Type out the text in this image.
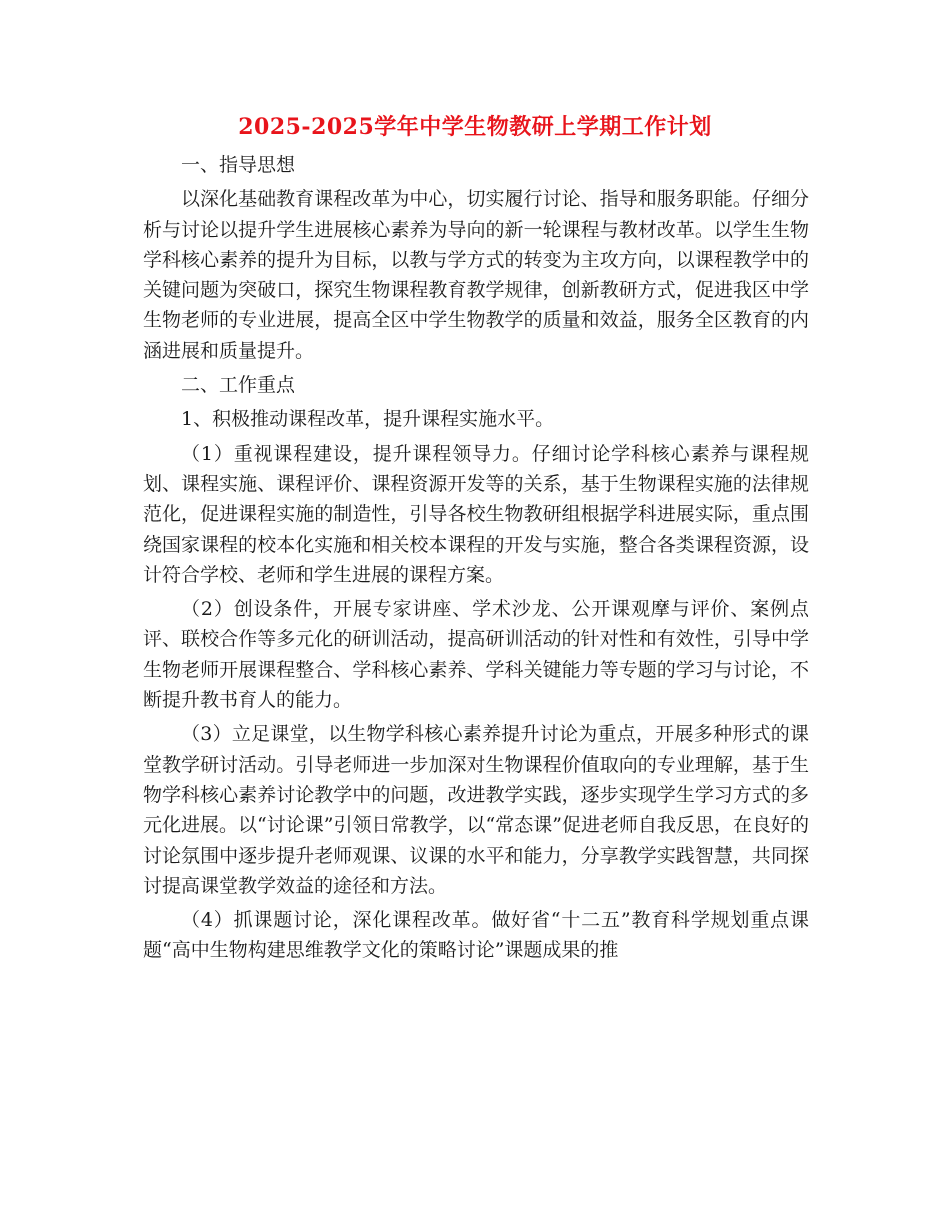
2025-2025学年中学生物教研上学期工作计划

一、指导思想

以深化基础教育课程改革为中心，切实履行讨论、指导和服务职能。仔细分析与讨论以提升学生进展核心素养为导向的新一轮课程与教材改革。以学生生物学科核心素养的提升为目标，以教与学方式的转变为主攻方向，以课程教学中的关键问题为突破口，探究生物课程教育教学规律，创新教研方式，促进我区中学生物老师的专业进展，提高全区中学生物教学的质量和效益，服务全区教育的内涵进展和质量提升。

二、工作重点

1、积极推动课程改革，提升课程实施水平。

（1）重视课程建设，提升课程领导力。仔细讨论学科核心素养与课程规划、课程实施、课程评价、课程资源开发等的关系，基于生物课程实施的法律规范化，促进课程实施的制造性，引导各校生物教研组根据学科进展实际，重点围绕国家课程的校本化实施和相关校本课程的开发与实施，整合各类课程资源，设计符合学校、老师和学生进展的课程方案。

（2）创设条件，开展专家讲座、学术沙龙、公开课观摩与评价、案例点评、联校合作等多元化的研训活动，提高研训活动的针对性和有效性，引导中学生物老师开展课程整合、学科核心素养、学科关键能力等专题的学习与讨论，不断提升教书育人的能力。

（3）立足课堂，以生物学科核心素养提升讨论为重点，开展多种形式的课堂教学研讨活动。引导老师进一步加深对生物课程价值取向的专业理解，基于生物学科核心素养讨论教学中的问题，改进教学实践，逐步实现学生学习方式的多元化进展。以“讨论课”引领日常教学，以“常态课”促进老师自我反思，在良好的讨论氛围中逐步提升老师观课、议课的水平和能力，分享教学实践智慧，共同探讨提高课堂教学效益的途径和方法。

（4）抓课题讨论，深化课程改革。做好省“十二五”教育科学规划重点课题“高中生物构建思维教学文化的策略讨论”课题成果的推
